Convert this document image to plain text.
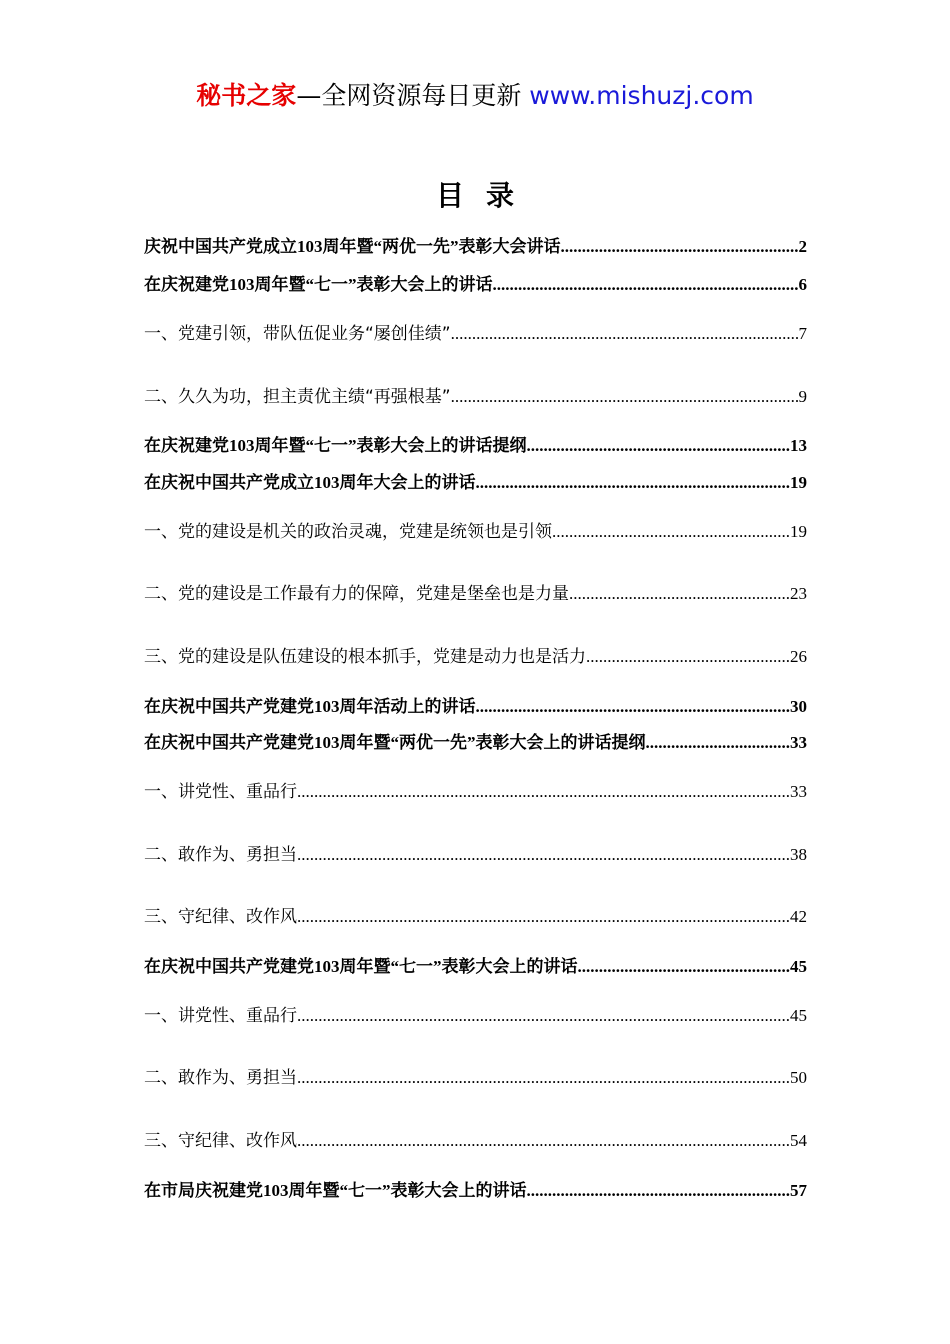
秘书之家—全网资源每日更新 www.mishuzj.com
目录
庆祝中国共产党成立103周年暨“两优一先”表彰大会讲话 .....	2
在庆祝建党103周年暨“七一”表彰大会上的讲话 .....	6
一、党建引领，带队伍促业务“屡创佳绩” .....	7
二、久久为功，担主责优主绩“再强根基” .....	9
在庆祝建党103周年暨“七一”表彰大会上的讲话提纲 .....	13
在庆祝中国共产党成立103周年大会上的讲话 .....	19
一、党的建设是机关的政治灵魂，党建是统领也是引领 .....	19
二、党的建设是工作最有力的保障，党建是堡垒也是力量 .....	23
三、党的建设是队伍建设的根本抓手，党建是动力也是活力 .....	26
在庆祝中国共产党建党103周年活动上的讲话 .....	30
在庆祝中国共产党建党103周年暨“两优一先”表彰大会上的讲话提纲 .....	33
一、讲党性、重品行 .....	33
二、敢作为、勇担当 .....	38
三、守纪律、改作风 .....	42
在庆祝中国共产党建党103周年暨“七一”表彰大会上的讲话 .....	45
一、讲党性、重品行 .....	45
二、敢作为、勇担当 .....	50
三、守纪律、改作风 .....	54
在市局庆祝建党103周年暨“七一”表彰大会上的讲话 .....	57
